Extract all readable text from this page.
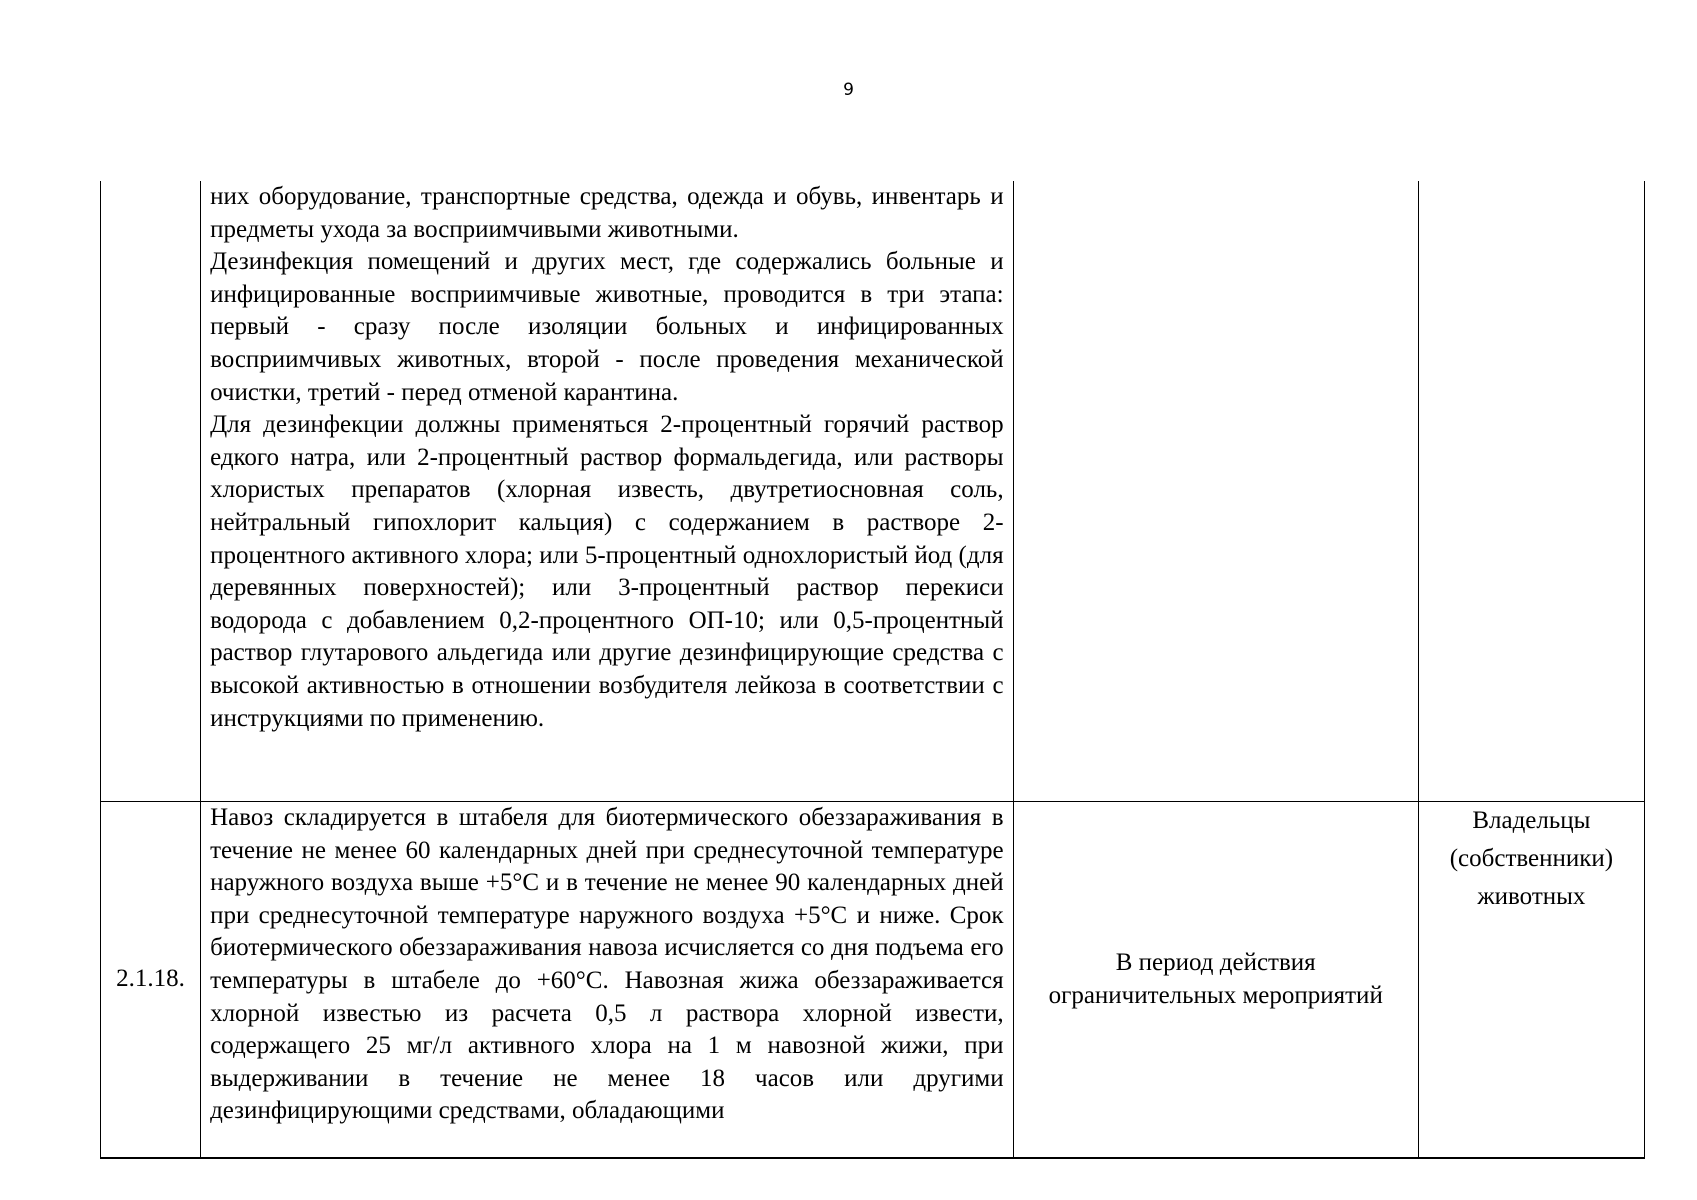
9

	них оборудование, транспортные средства, одежда и обувь, инвентарь и предметы ухода за восприимчивыми животными.

Дезинфекция помещений и других мест, где содержались больные и инфицированные восприимчивые животные, проводится в три этапа: первый - сразу после изоляции больных и инфицированных восприимчивых животных, второй - после проведения механической очистки, третий - перед отменой карантина.

Для дезинфекции должны применяться 2-процентный горячий раствор едкого натра, или 2-процентный раствор формальдегида, или растворы хлористых препаратов (хлорная известь, двутретиосновная соль, нейтральный гипохлорит кальция) с содержанием в растворе 2-процентного активного хлора; или 5-процентный однохлористый йод (для деревянных поверхностей); или 3-процентный раствор перекиси водорода с добавлением 0,2-процентного ОП-10; или 0,5-процентный раствор глутарового альдегида или другие дезинфицирующие средства с высокой активностью в отношении возбудителя лейкоза в соответствии с инструкциями по применению.		

2.1.18.	Навоз складируется в штабеля для биотермического обеззараживания в течение не менее 60 календарных дней при среднесуточной температуре наружного воздуха выше +5°С и в течение не менее 90 календарных дней при среднесуточной температуре наружного воздуха +5°С и ниже. Срок биотермического обеззараживания навоза исчисляется со дня подъема его температуры в штабеле до +60°С. Навозная жижа обеззараживается хлорной известью из расчета 0,5 л раствора хлорной извести, содержащего 25 мг/л активного хлора на 1 м навозной жижи, при выдерживании в течение не менее 18 часов или другими дезинфицирующими средствами, обладающими	В период действия ограничительных мероприятий	Владельцы (собственники) животных
